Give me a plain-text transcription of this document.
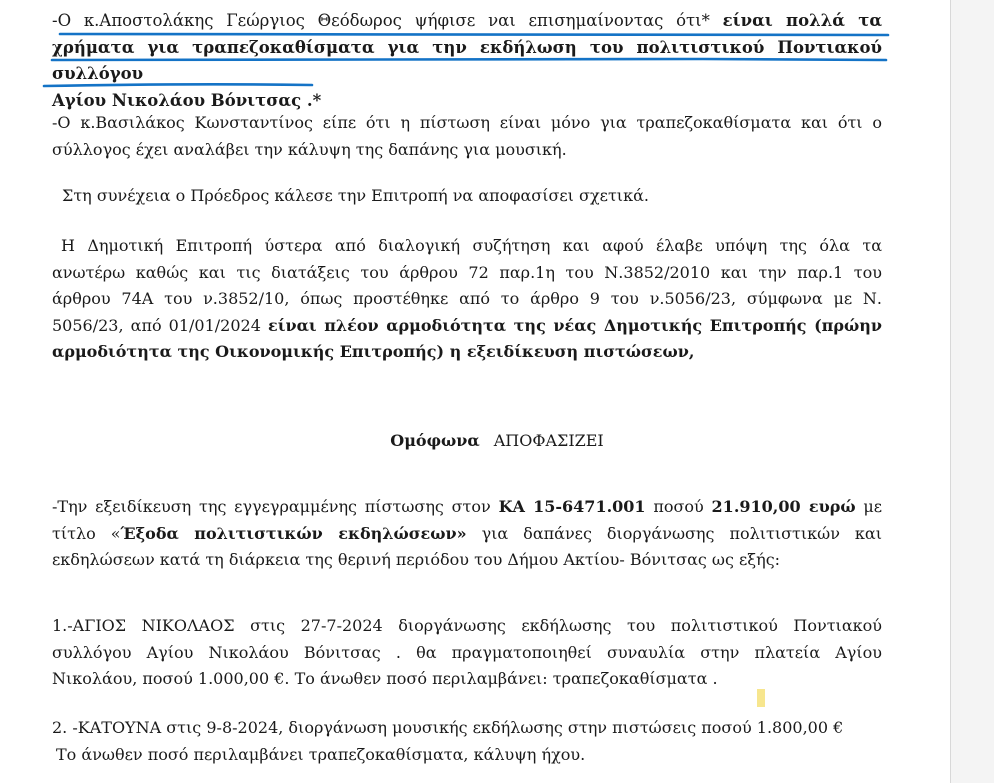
-Ο κ.Αποστολάκης Γεώργιος Θεόδωρος ψήφισε ναι επισημαίνοντας ότι* είναι πολλά τα
χρήματα για τραπεζοκαθίσματα για την εκδήλωση του πολιτιστικού Ποντιακού συλλόγου
Αγίου Νικολάου Βόνιτσας .*
-Ο κ.Βασιλάκος Κωνσταντίνος είπε ότι η πίστωση είναι μόνο για τραπεζοκαθίσματα και ότι ο
σύλλογος έχει αναλάβει την κάλυψη της δαπάνης για μουσική.
Στη συνέχεια ο Πρόεδρος κάλεσε την Επιτροπή να αποφασίσει σχετικά.
Η Δημοτική Επιτροπή ύστερα από διαλογική συζήτηση και αφού έλαβε υπόψη της όλα τα
ανωτέρω καθώς και τις διατάξεις του άρθρου 72 παρ.1η του Ν.3852/2010 και την παρ.1 του
άρθρου 74Α του ν.3852/10, όπως προστέθηκε από το άρθρο 9 του ν.5056/23, σύμφωνα με Ν.
5056/23, από 01/01/2024 είναι πλέον αρμοδιότητα της νέας Δημοτικής Επιτροπής (πρώην
αρμοδιότητα της Οικονομικής Επιτροπής) η εξειδίκευση πιστώσεων,
Ομόφωνα ΑΠΟΦΑΣΙΖΕΙ
-Την εξειδίκευση της εγγεγραμμένης πίστωσης στον ΚΑ 15-6471.001 ποσού 21.910,00 ευρώ με
τίτλο «Έξοδα πολιτιστικών εκδηλώσεων» για δαπάνες διοργάνωσης πολιτιστικών και
εκδηλώσεων κατά τη διάρκεια της θερινή περιόδου του Δήμου Ακτίου- Βόνιτσας ως εξής:
1.-ΑΓΙΟΣ ΝΙΚΟΛΑΟΣ στις 27-7-2024 διοργάνωσης εκδήλωσης του πολιτιστικού Ποντιακού
συλλόγου Αγίου Νικολάου Βόνιτσας . θα πραγματοποιηθεί συναυλία στην πλατεία Αγίου
Νικολάου, ποσού 1.000,00 €. Το άνωθεν ποσό περιλαμβάνει: τραπεζοκαθίσματα .
2. -ΚΑΤΟΥΝΑ στις 9-8-2024, διοργάνωση μουσικής εκδήλωσης στην πιστώσεις ποσού 1.800,00 €
Το άνωθεν ποσό περιλαμβάνει τραπεζοκαθίσματα, κάλυψη ήχου.
